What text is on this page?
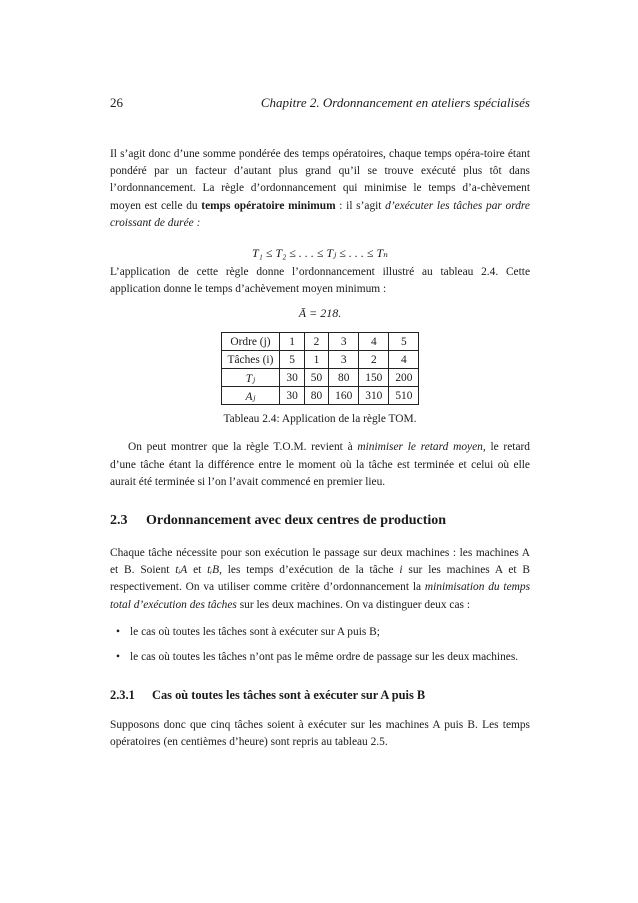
26	Chapitre 2. Ordonnancement en ateliers spécialisés

Il s’agit donc d’une somme pondérée des temps opératoires, chaque temps opéra-toire étant pondéré par un facteur d’autant plus grand qu’il se trouve exécuté plus tôt dans l’ordonnancement. La règle d’ordonnancement qui minimise le temps d’a-chèvement moyen est celle du temps opératoire minimum : il s’agit d’exécuter les tâches par ordre croissant de durée :

T₁ ≤ T₂ ≤ . . . ≤ Tⱼ ≤ . . . ≤ Tₙ

L’application de cette règle donne l’ordonnancement illustré au tableau 2.4. Cette application donne le temps d’achèvement moyen minimum :

Ā = 218.
Ordre (j)	1	2	3	4	5
Tâches (i)	5	1	3	2	4
Tⱼ	30	50	80	150	200
Aⱼ	30	80	160	310	510
Tableau 2.4: Application de la règle TOM.

On peut montrer que la règle T.O.M. revient à minimiser le retard moyen, le retard d’une tâche étant la différence entre le moment où la tâche est terminée et celui où elle aurait été terminée si l’on l’avait commencé en premier lieu.

2.3 Ordonnancement avec deux centres de production

Chaque tâche nécessite pour son exécution le passage sur deux machines : les machines A et B. Soient tᵢA et tᵢB, les temps d’exécution de la tâche i sur les machines A et B respectivement. On va utiliser comme critère d’ordonnancement la minimisation du temps total d’exécution des tâches sur les deux machines. On va distinguer deux cas :

• le cas où toutes les tâches sont à exécuter sur A puis B;
• le cas où toutes les tâches n’ont pas le même ordre de passage sur les deux machines.
2.3.1 Cas où toutes les tâches sont à exécuter sur A puis B

Supposons donc que cinq tâches soient à exécuter sur les machines A puis B. Les temps opératoires (en centièmes d’heure) sont repris au tableau 2.5.
